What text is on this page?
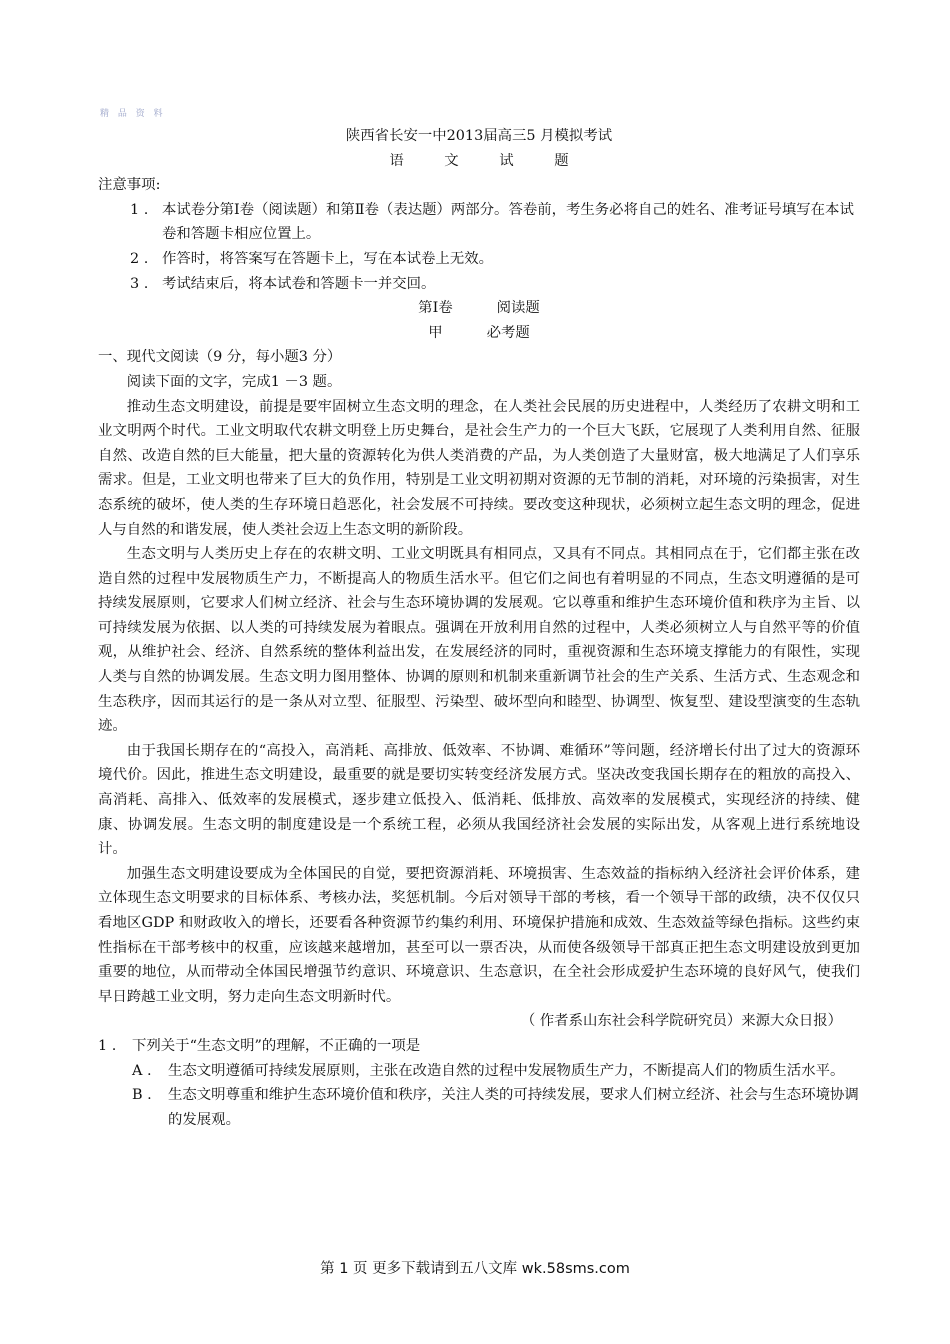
精 品 资 料
陕西省长安一中2013届高三5 月模拟考试
语 文 试 题
注意事项:
1 . 本试卷分第Ⅰ卷（阅读题）和第Ⅱ卷（表达题）两部分。答卷前，考生务必将自己的姓名、准考证号填写在本试卷和答题卡相应位置上。
2 . 作答时，将答案写在答题卡上，写在本试卷上无效。
3 . 考试结束后，将本试卷和答题卡一并交回。
第Ⅰ卷	阅读题
甲	必考题
一、现代文阅读（9 分，每小题3 分）
阅读下面的文字，完成1 －3 题。
推动生态文明建设，前提是要牢固树立生态文明的理念，在人类社会民展的历史进程中，人类经历了农耕文明和工业文明两个时代。工业文明取代农耕文明登上历史舞台，是社会生产力的一个巨大飞跃，它展现了人类利用自然、征服自然、改造自然的巨大能量，把大量的资源转化为供人类消费的产品，为人类创造了大量财富，极大地满足了人们享乐需求。但是，工业文明也带来了巨大的负作用，特别是工业文明初期对资源的无节制的消耗，对环境的污染损害，对生态系统的破坏，使人类的生存环境日趋恶化，社会发展不可持续。要改变这种现状，必须树立起生态文明的理念，促进人与自然的和谐发展，使人类社会迈上生态文明的新阶段。
生态文明与人类历史上存在的农耕文明、工业文明既具有相同点，又具有不同点。其相同点在于，它们都主张在改造自然的过程中发展物质生产力，不断提高人的物质生活水平。但它们之间也有着明显的不同点，生态文明遵循的是可持续发展原则，它要求人们树立经济、社会与生态环境协调的发展观。它以尊重和维护生态环境价值和秩序为主旨、以可持续发展为依据、以人类的可持续发展为着眼点。强调在开放利用自然的过程中，人类必须树立人与自然平等的价值观，从维护社会、经济、自然系统的整体利益出发，在发展经济的同时，重视资源和生态环境支撑能力的有限性，实现人类与自然的协调发展。生态文明力图用整体、协调的原则和机制来重新调节社会的生产关系、生活方式、生态观念和生态秩序，因而其运行的是一条从对立型、征服型、污染型、破坏型向和睦型、协调型、恢复型、建设型演变的生态轨迹。
由于我国长期存在的“高投入，高消耗、高排放、低效率、不协调、难循环”等问题，经济增长付出了过大的资源环境代价。因此，推进生态文明建设，最重要的就是要切实转变经济发展方式。坚决改变我国长期存在的粗放的高投入、高消耗、高排入、低效率的发展模式，逐步建立低投入、低消耗、低排放、高效率的发展模式，实现经济的持续、健康、协调发展。生态文明的制度建设是一个系统工程，必须从我国经济社会发展的实际出发，从客观上进行系统地设计。
加强生态文明建设要成为全体国民的自觉，要把资源消耗、环境损害、生态效益的指标纳入经济社会评价体系，建立体现生态文明要求的目标体系、考核办法，奖惩机制。今后对领导干部的考核，看一个领导干部的政绩，决不仅仅只看地区GDP 和财政收入的增长，还要看各种资源节约集约利用、环境保护措施和成效、生态效益等绿色指标。这些约束性指标在干部考核中的权重，应该越来越增加，甚至可以一票否决，从而使各级领导干部真正把生态文明建设放到更加重要的地位，从而带动全体国民增强节约意识、环境意识、生态意识，在全社会形成爱护生态环境的良好风气，使我们早日跨越工业文明，努力走向生态文明新时代。
（ 作者系山东社会科学院研究员）来源大众日报）
1 . 下列关于“生态文明”的理解，不正确的一项是
A . 生态文明遵循可持续发展原则，主张在改造自然的过程中发展物质生产力，不断提高人们的物质生活水平。
B . 生态文明尊重和维护生态环境价值和秩序，关注人类的可持续发展，要求人们树立经济、社会与生态环境协调的发展观。
第 1 页 更多下载请到五八文库 wk.58sms.com
